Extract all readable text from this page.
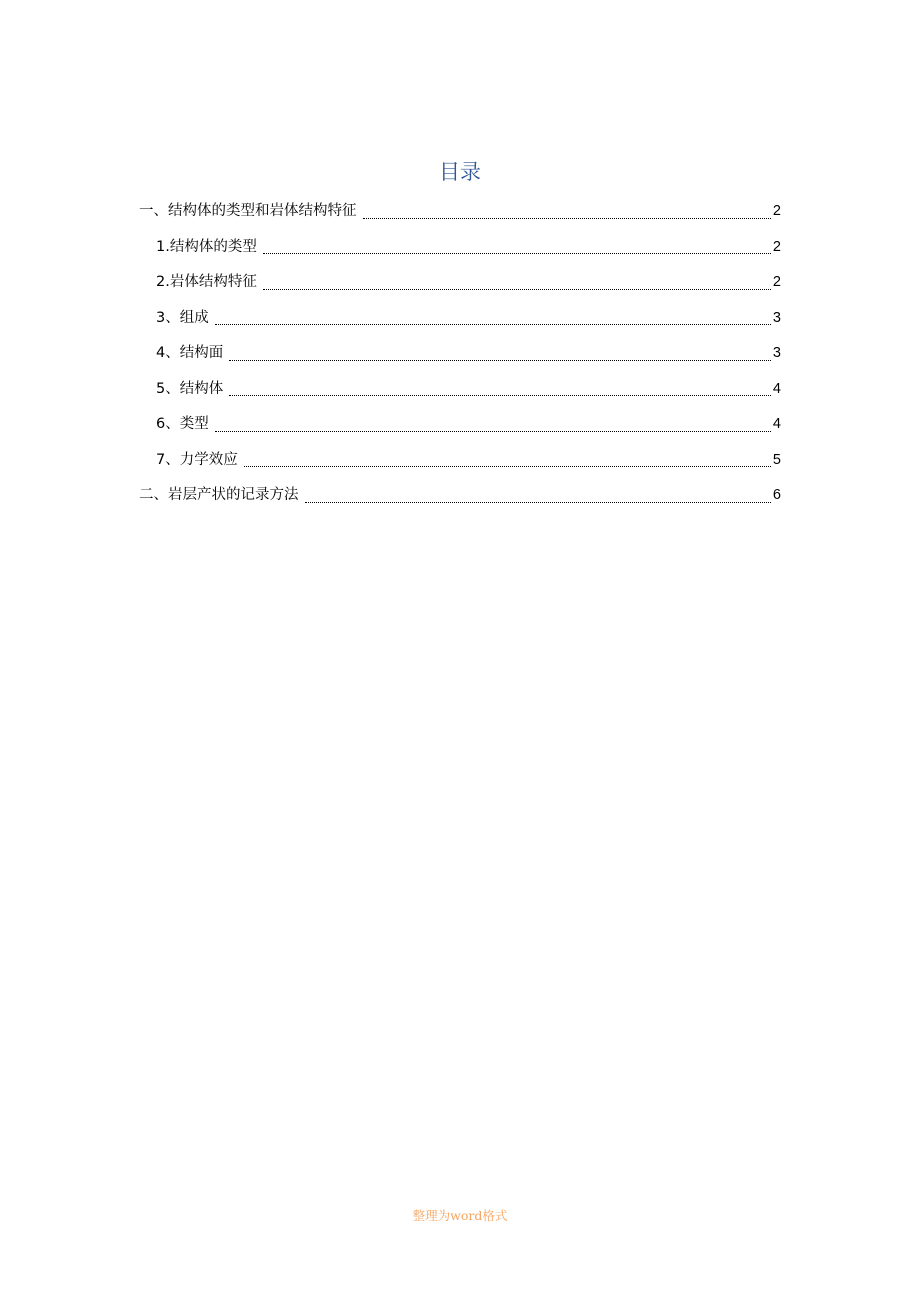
目录
一、结构体的类型和岩体结构特征	2
1.结构体的类型	2
2.岩体结构特征	2
3、组成	3
4、结构面	3
5、结构体	4
6、类型	4
7、力学效应	5
二、岩层产状的记录方法	6
整理为word格式
